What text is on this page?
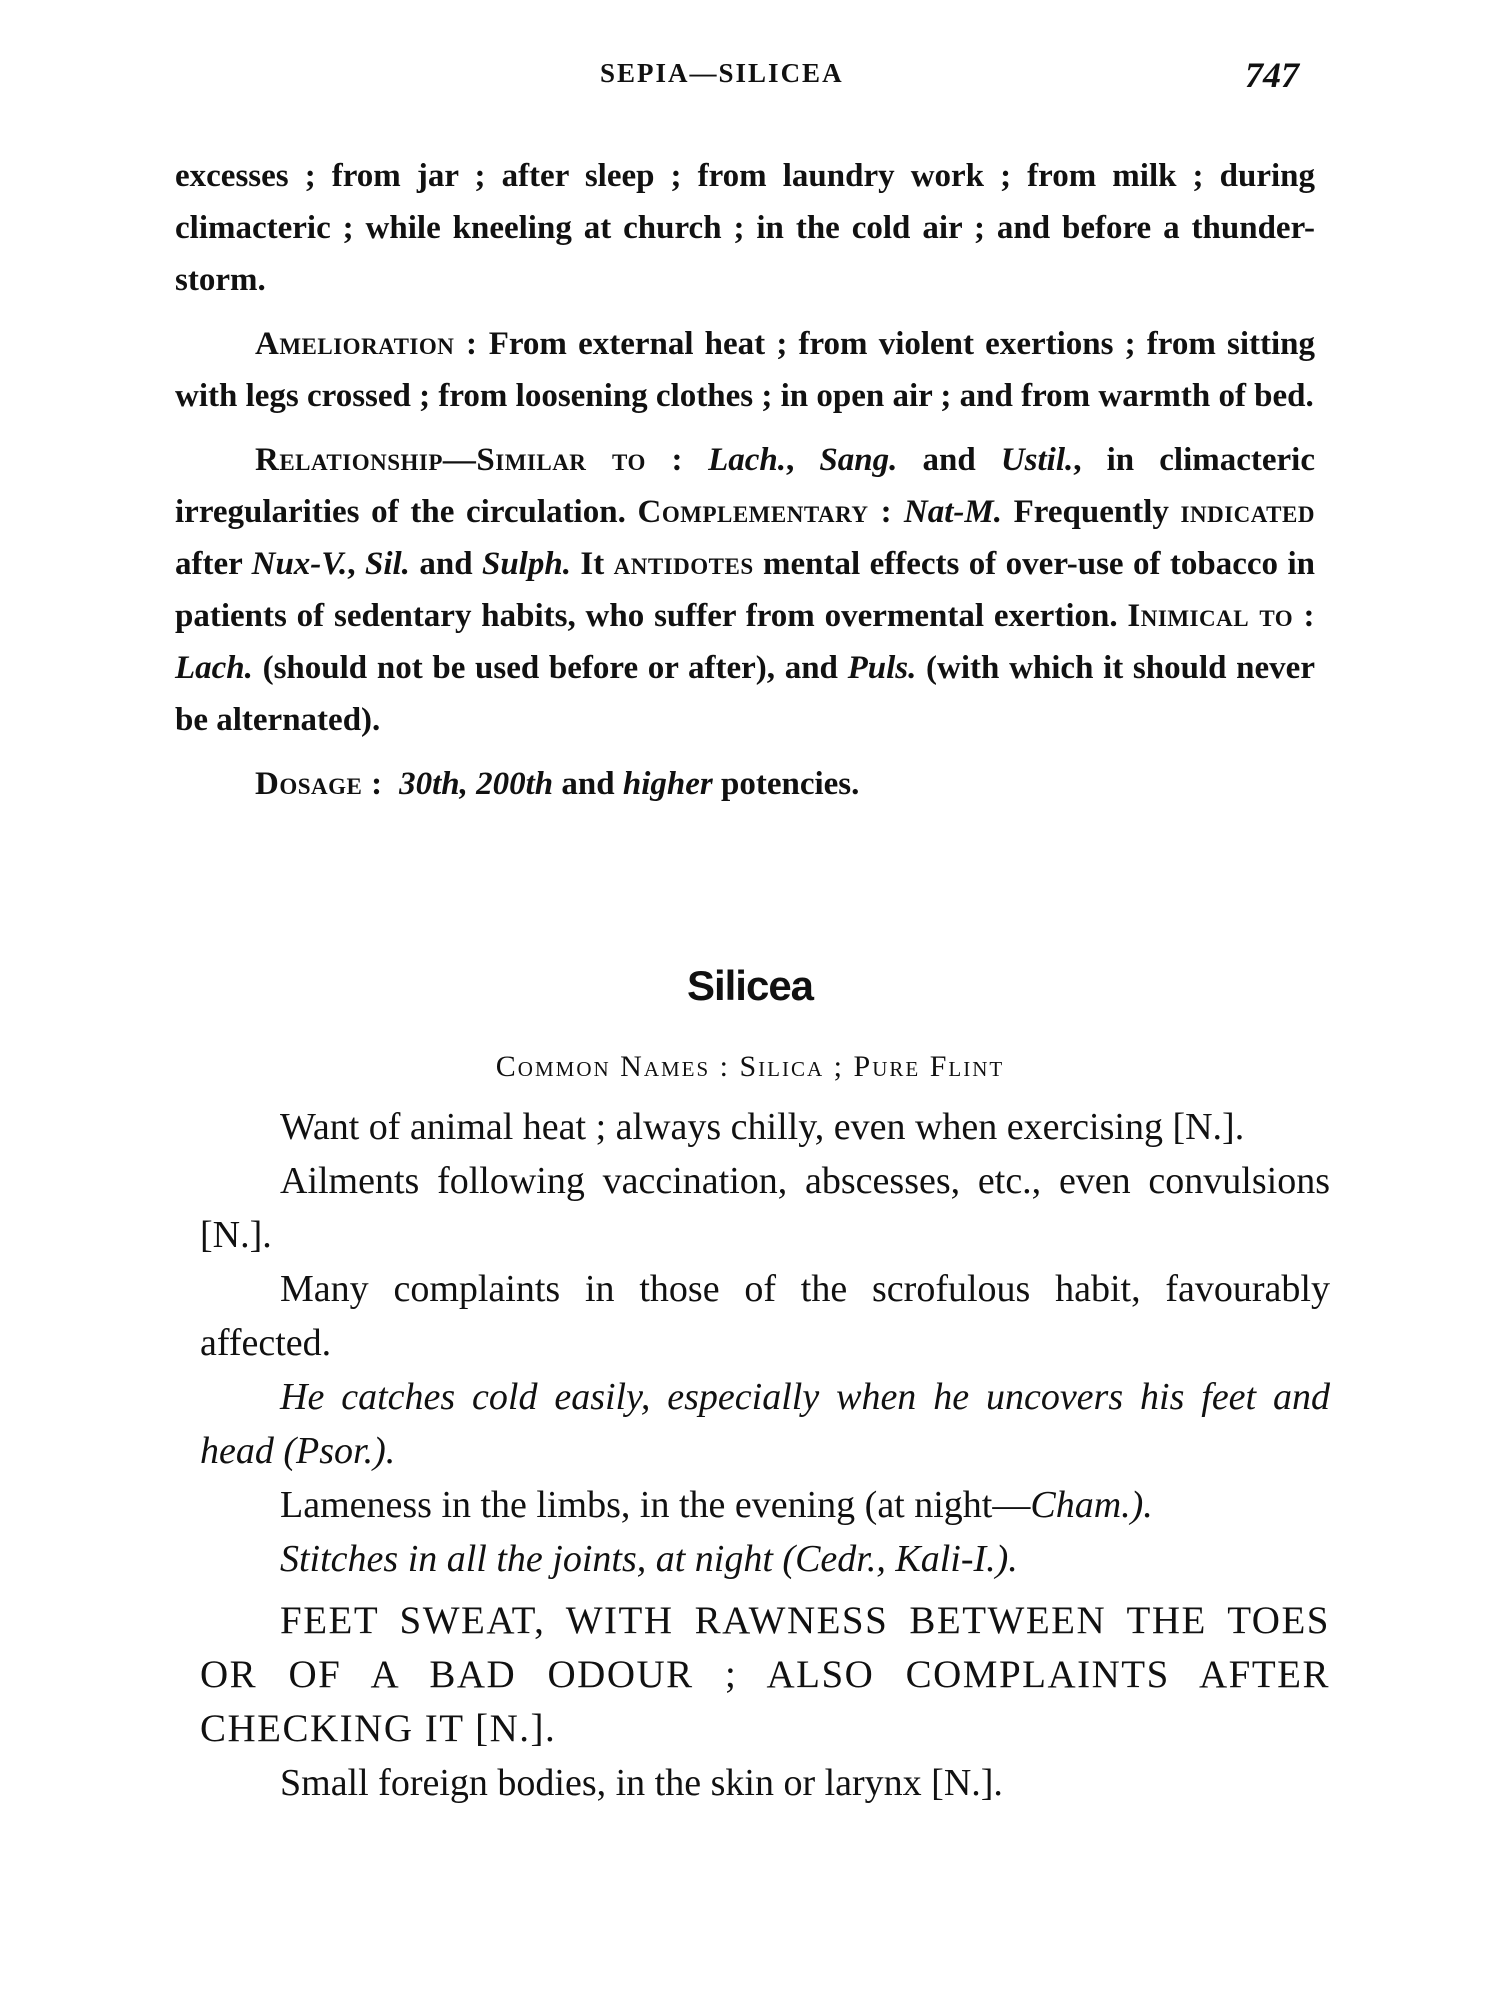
SEPIA—SILICEA	747

excesses ; from jar ; after sleep ; from laundry work ; from milk ; during climacteric ; while kneeling at church ; in the cold air ; and before a thunder-storm.

Amelioration : From external heat ; from violent exertions ; from sitting with legs crossed ; from loosening clothes ; in open air ; and from warmth of bed.

Relationship—Similar to : Lach., Sang. and Ustil., in climacteric irregularities of the circulation. Complementary : Nat-M. Frequently indicated after Nux-V., Sil. and Sulph. It antidotes mental effects of over-use of tobacco in patients of sedentary habits, who suffer from overmental exertion. Inimical to : Lach. (should not be used before or after), and Puls. (with which it should never be alternated).

Dosage : 30th, 200th and higher potencies.

Silicea
Common Names : Silica ; Pure Flint

Want of animal heat ; always chilly, even when exercising [N.].

Ailments following vaccination, abscesses, etc., even convulsions [N.].

Many complaints in those of the scrofulous habit, favourably affected.

He catches cold easily, especially when he uncovers his feet and head (Psor.).

Lameness in the limbs, in the evening (at night—Cham.).

Stitches in all the joints, at night (Cedr., Kali-I.).

FEET SWEAT, WITH RAWNESS BETWEEN THE TOES OR OF A BAD ODOUR ; ALSO COMPLAINTS AFTER CHECKING IT [N.].

Small foreign bodies, in the skin or larynx [N.].
